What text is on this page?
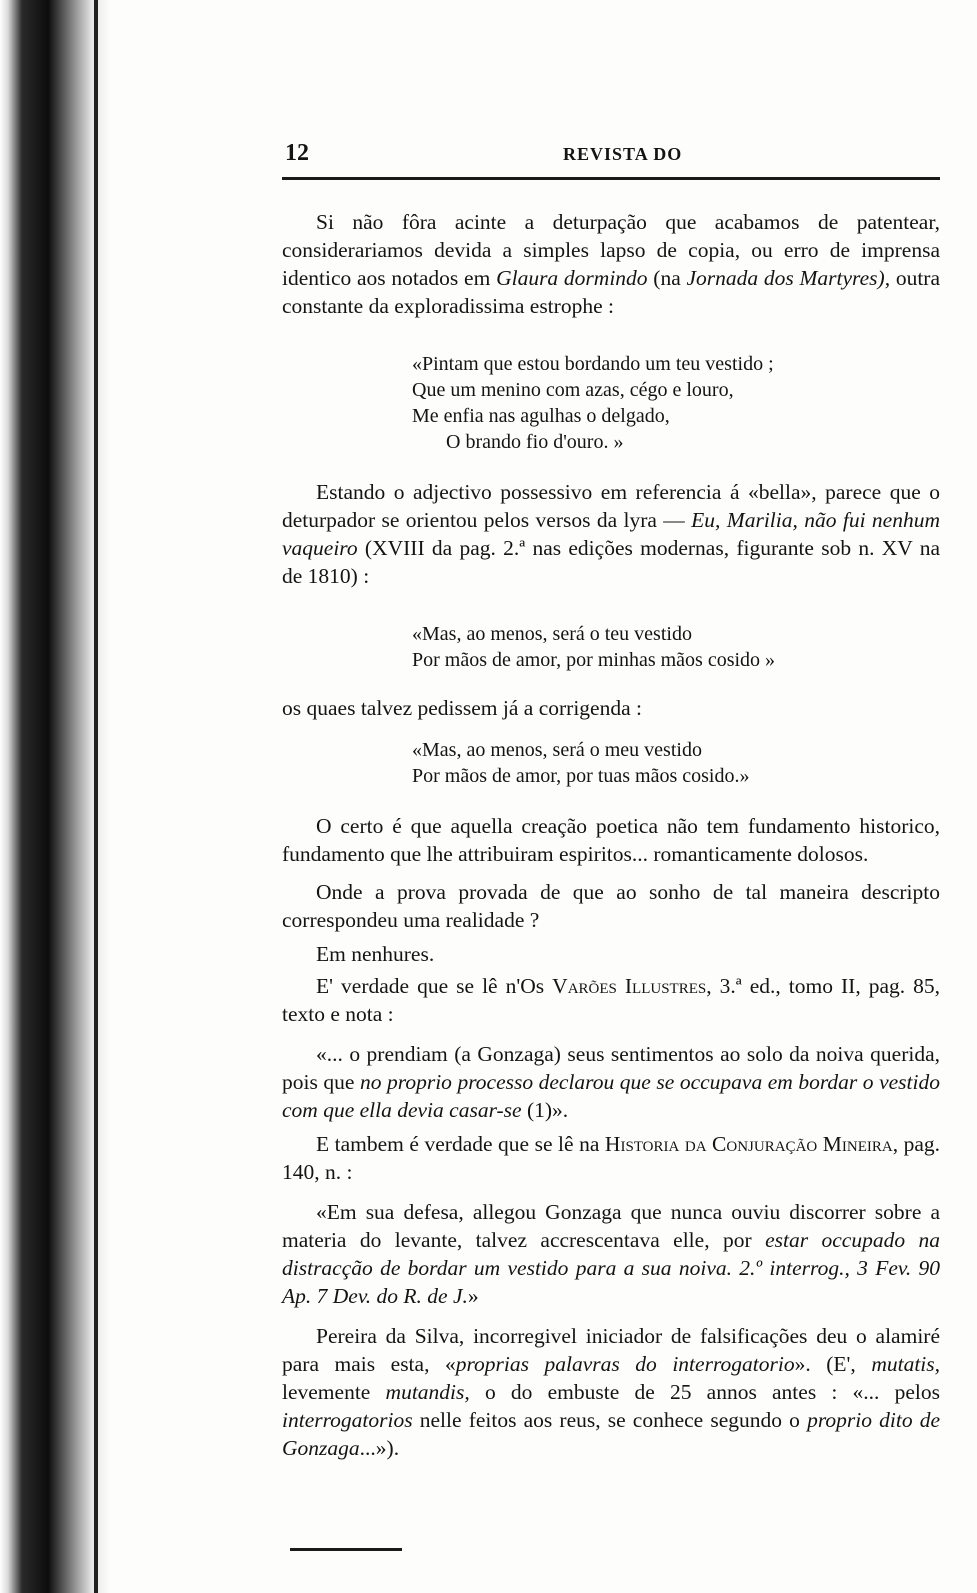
12	REVISTA DO
Si não fôra acinte a deturpação que acabamos de patentear, considerariamos devida a simples lapso de copia, ou erro de imprensa identico aos notados em Glaura dormindo (na Jornada dos Martyres), outra constante da exploradissima estrophe :
«Pintam que estou bordando um teu vestido ;
Que um menino com azas, cégo e louro,
Me enfia nas agulhas o delgado,
O brando fio d'ouro. »
Estando o adjectivo possessivo em referencia á «bella», parece que o deturpador se orientou pelos versos da lyra — Eu, Marilia, não fui nenhum vaqueiro (XVIII da pag. 2.ª nas edições modernas, figurante sob n. XV na de 1810) :
«Mas, ao menos, será o teu vestido
Por mãos de amor, por minhas mãos cosido »
os quaes talvez pedissem já a corrigenda :
«Mas, ao menos, será o meu vestido
Por mãos de amor, por tuas mãos cosido.»
O certo é que aquella creação poetica não tem fundamento historico, fundamento que lhe attribuiram espiritos... romanticamente dolosos.
Onde a prova provada de que ao sonho de tal maneira descripto correspondeu uma realidade ?
Em nenhures.
E' verdade que se lê n'Os Varões Illustres, 3.ª ed., tomo II, pag. 85, texto e nota :
«... o prendiam (a Gonzaga) seus sentimentos ao solo da noiva querida, pois que no proprio processo declarou que se occupava em bordar o vestido com que ella devia casar-se (1)».
E tambem é verdade que se lê na Historia da Conjuração Mineira, pag. 140, n. :
«Em sua defesa, allegou Gonzaga que nunca ouviu discorrer sobre a materia do levante, talvez accrescentava elle, por estar occupado na distracção de bordar um vestido para a sua noiva. 2.º interrog., 3 Fev. 90 Ap. 7 Dev. do R. de J.»
Pereira da Silva, incorregivel iniciador de falsificações deu o alamiré para mais esta, «proprias palavras do interrogatorio». (E', mutatis, levemente mutandis, o do embuste de 25 annos antes : «... pelos interrogatorios nelle feitos aos reus, se conhece segundo o proprio dito de Gonzaga...»).
